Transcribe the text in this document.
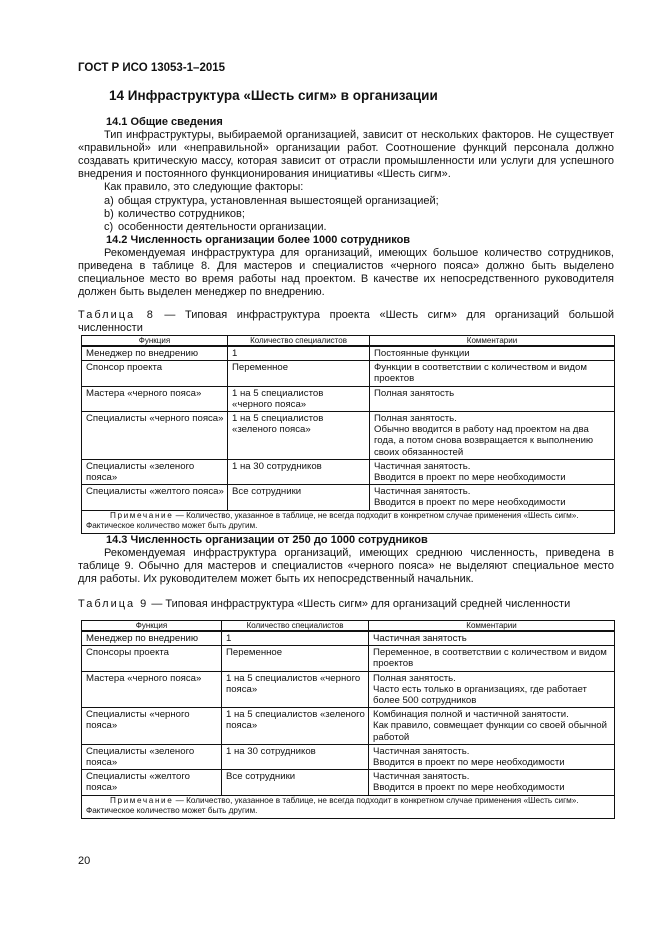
ГОСТ Р ИСО 13053-1–2015
14 Инфраструктура «Шесть сигм» в организации
14.1 Общие сведения
Тип инфраструктуры, выбираемой организацией, зависит от нескольких факторов. Не существует «правильной» или «неправильной» организации работ. Соотношение функций персонала должно создавать критическую массу, которая зависит от отрасли промышленности или услуги для успешного внедрения и постоянного функционирования инициативы «Шесть сигм».
Как правило, это следующие факторы:
a) общая структура, установленная вышестоящей организацией;
b) количество сотрудников;
c) особенности деятельности организации.
14.2 Численность организации более 1000 сотрудников
Рекомендуемая инфраструктура для организаций, имеющих большое количество сотрудников, приведена в таблице 8. Для мастеров и специалистов «черного пояса» должно быть выделено специальное место во время работы над проектом. В качестве их непосредственного руководителя должен быть выделен менеджер по внедрению.
Таблица 8 — Типовая инфраструктура проекта «Шесть сигм» для организаций большой численности
Функция	Количество специалистов	Комментарии
Менеджер по внедрению	1	Постоянные функции
Спонсор проекта	Переменное	Функции в соответствии с количеством и видом проектов
Мастера «черного пояса»	1 на 5 специалистов «черного пояса»	Полная занятость
Специалисты «черного пояса»	1 на 5 специалистов «зеленого пояса»	Полная занятость.
Обычно вводится в работу над проектом на два года, а потом снова возвращается к выполнению своих обязанностей
Специалисты «зеленого пояса»	1 на 30 сотрудников	Частичная занятость.
Вводится в проект по мере необходимости
Специалисты «желтого пояса»	Все сотрудники	Частичная занятость.
Вводится в проект по мере необходимости
Примечание — Количество, указанное в таблице, не всегда подходит в конкретном случае применения «Шесть сигм». Фактическое количество может быть другим.		
14.3 Численность организации от 250 до 1000 сотрудников
Рекомендуемая инфраструктура организаций, имеющих среднюю численность, приведена в таблице 9. Обычно для мастеров и специалистов «черного пояса» не выделяют специальное место для работы. Их руководителем может быть их непосредственный начальник.
Таблица 9 — Типовая инфраструктура «Шесть сигм» для организаций средней численности
Функция	Количество специалистов	Комментарии
Менеджер по внедрению	1	Частичная занятость
Спонсоры проекта	Переменное	Переменное, в соответствии с количеством и видом проектов
Мастера «черного пояса»	1 на 5 специалистов «черного пояса»	Полная занятость.
Часто есть только в организациях, где работает более 500 сотрудников
Специалисты «черного пояса»	1 на 5 специалистов «зеленого пояса»	Комбинация полной и частичной занятости.
Как правило, совмещает функции со своей обычной работой
Специалисты «зеленого пояса»	1 на 30 сотрудников	Частичная занятость.
Вводится в проект по мере необходимости
Специалисты «желтого пояса»	Все сотрудники	Частичная занятость.
Вводится в проект по мере необходимости
Примечание — Количество, указанное в таблице, не всегда подходит в конкретном случае применения «Шесть сигм». Фактическое количество может быть другим.		
20
